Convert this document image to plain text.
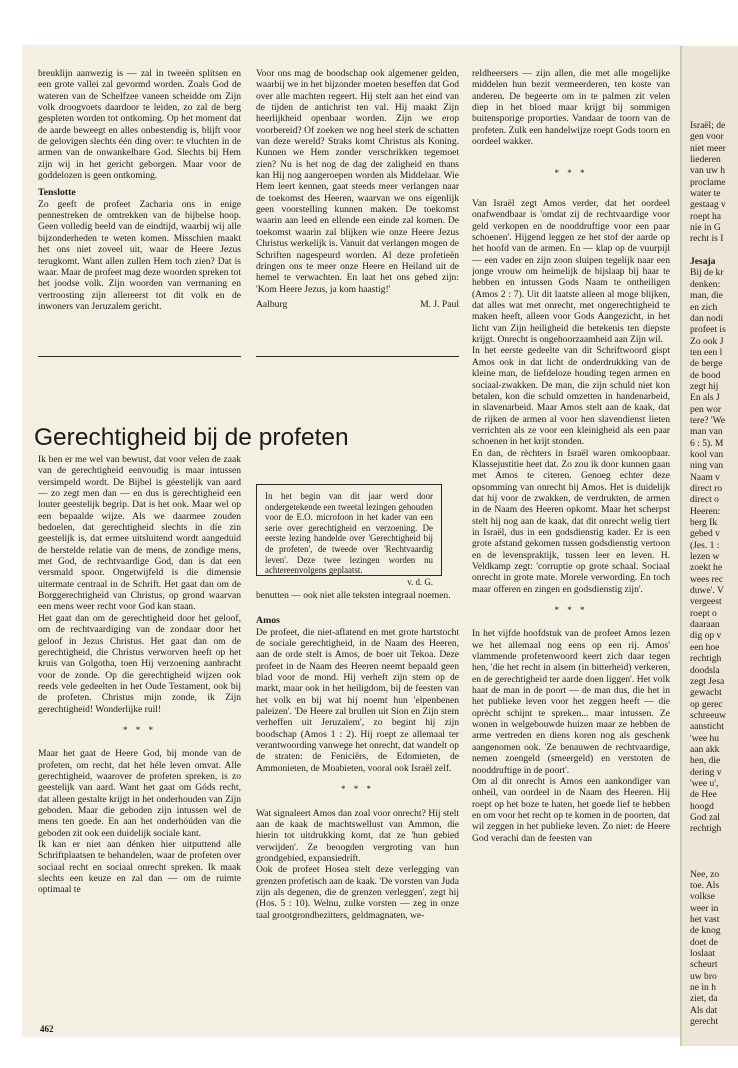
Israël; de
gen voor
niet meer
liederen
van uw h
proclame
water te
gestaag v
roept ha
nie in G
recht is I
Jesaja
Bij de kr
denken:
man, die
en zich
dan nodi
profeet is
Zo ook J
ten een l
de berge
de bood
zegt hij
En als J
pen wor
tere? 'We
man van
6 : 5). M
kool van
ning van
Naam v
direct ro
direct o
Heeren:
berg Ik
gebed v
(Jes. 1 :
lezen w
zoekt he
wees rec
duwe'. V
vergeest
roept o
daaraan
dig op v
een hoe
rechtigh
doodsla
zegt Jesa
gewacht
op gerec
schreeuw
aansticht
'wee hu
aan akk
hen, die
dering v
'wee u',
de Hee
hoogd
God zal
rechtigh
Nee, zo
toe. Als
volkse
weer in
het vast
de knog
doet de
loslaat
scheurt
uw bro
ne in h
ziet, da
Als dat
gerecht

breuklijn aanwezig is — zal in tweeën splitsen en een grote vallei zal gevormd worden. Zoals God de wateren van de Schelfzee vaneen scheidde om Zijn volk droogvoets daardoor te leiden, zo zal de berg gespleten worden tot ontkoming. Op het moment dat de aarde beweegt en alles onbestendig is, blijft voor de gelovigen slechts één ding over: te vluchten in de armen van de onwankelbare God. Slechts bij Hem zijn wij in het gericht geborgen. Maar voor de goddelozen is geen ontkoming.

Tenslotte

Zo geeft de profeet Zacharia ons in enige pennestreken de omtrekken van de bijbelse hoop. Geen volledig beeld van de eindtijd, waarbij wij alle bijzonderheden te weten komen. Misschien maakt het ons niet zoveel uit, waar de Heere Jezus terugkomt. Want allen zullen Hem toch zien? Dat is waar. Maar de profeet mag deze woorden spreken tot het joodse volk. Zijn woorden van vermaning en vertroosting zijn allereerst tot dit volk en de inwoners van Jeruzalem gericht.

Voor ons mag de boodschap ook algemener gelden, waarbij we in het bijzonder moeten beseffen dat God over alle machten regeert. Hij stelt aan het eind van de tijden de antichrist ten val. Hij maakt Zijn heerlijkheid openbaar worden. Zijn we erop voorbereid? Of zoeken we nog heel sterk de schatten van deze wereld? Straks komt Christus als Koning. Kunnen we Hem zonder verschrikken tegemoet zien? Nu is het nog de dag der zaligheid en thans kan Hij nog aangeroepen worden als Middelaar. Wie Hem leert kennen, gaat steeds meer verlangen naar de toekomst des Heeren, waarvan we ons eigenlijk geen voorstelling kunnen maken. De toekomst waarin aan leed en ellende een einde zal komen. De toekomst waarin zal blijken wie onze Heere Jezus Christus werkelijk is. Vanuit dat verlangen mogen de Schriften nagespeurd worden. Al deze profetieën dringen ons te meer onze Heere en Heiland uit de hemel te verwachten. En laat het ons gebed zijn: 'Kom Heere Jezus, ja kom haastig!'

Aalburg	M. J. Paul

reldheersers — zijn allen, die met alle mogelijke middelen hun bezit vermeerderen, ten koste van anderen. De begeerte om in te palmen zit velen diep in het bloed maar krijgt bij sommigen buitensporige proporties. Vandaar de toorn van de profeten. Zulk een handelwijze roept Gods toorn en oordeel wakker.

* * *
Gerechtigheid bij de profeten
In het begin van dit jaar werd door ondergetekende een tweetal lezingen gehouden voor de E.O. microfoon in het kader van een serie over gerechtigheid en verzoening. De eerste lezing handelde over 'Gerechtigheid bij de profeten', de tweede over 'Rechtvaardig leven'. Deze twee lezingen worden nu achtereenvolgens geplaatst.
v. d. G.

Ik ben er me wel van bewust, dat voor velen de zaak van de gerechtigheid eenvoudig is maar intussen versimpeld wordt. De Bijbel is géestelijk van aard — zo zegt men dan — en dus is gerechtigheid een louter geestelijk begrip. Dat is het ook. Maar wel op een bepaalde wijze. Als we daarmee zouden bedoelen, dat gerechtigheid slechts in díe zin geestelijk is, dat ermee uitsluitend wordt aangeduid de herstelde relatie van de mens, de zondige mens, met God, de rechtvaardige God, dan is dat een versmald spoor. Ongetwijfeld is die dimensie uitermate centraal in de Schrift. Het gaat dan om de Borggerechtigheid van Christus, op grond waarvan een mens weer recht voor God kan staan.

Het gaat dan om de gerechtigheid door het geloof, om de rechtvaardiging van de zondaar door het geloof in Jezus Christus. Het gaat dan om de gerechtigheid, die Christus verworven heeft op het kruis van Golgotha, toen Hij verzoening aanbracht voor de zonde. Op die gerechtigheid wijzen ook reeds vele gedeelten in het Oude Testament, ook bij de profeten. Christus mijn zonde, ik Zijn gerechtigheid! Wonderlijke ruil!

* * *

Maar het gaat de Heere God, bij monde van de profeten, om recht, dat het héle leven omvat. Alle gerechtigheid, waarover de profeten spreken, is zo geestelijk van aard. Want het gaat om Góds recht, dat alleen gestalte krijgt in het onderhouden van Zijn geboden. Maar die geboden zijn intussen wel de mens ten goede. En aan het onderhóúden van die geboden zit ook een duidelijk sociale kant.

Ik kan er niet aan dénken hier uitputtend alle Schriftplaatsen te behandelen, waar de profeten over sociaal recht en sociaal onrecht spreken. Ik maak slechts een keuze en zal dan — om de ruimte optimaal te

benutten — ook niet alle teksten integraal noemen.

Amos

De profeet, die niet-aflatend en met grote hartstocht de sociale gerechtigheid, in de Naam des Heeren, aan de orde stelt is Amos, de boer uit Tekoa. Deze profeet in de Naam des Heeren neemt bepaald geen blad voor de mond. Hij verheft zijn stem op de markt, maar ook in het heiligdom, bij de feesten van het volk en bij wat hij noemt hun 'elpenbenen paleizen'. 'De Heere zal brullen uit Sion en Zijn stem verheffen uit Jeruzalem', zo begint hij zijn boodschap (Amos 1 : 2). Hij roept ze allemaal ter verantwoording vanwege het onrecht, dat wandelt op de straten: de Feniciërs, de Edomieten, de Ammonieten, de Moabieten, vooral ook Israël zelf.

* * *

Wat signaleert Amos dan zoal voor onrecht? Hij stelt aan de kaak de machtswellust van Ammon, die hierin tot uitdrukking komt, dat ze 'hun gebied verwijden'. Ze beoogden vergroting van hun grondgebied, expansiedrift.

Ook de profeet Hosea stelt deze verlegging van grenzen profetisch aan de kaak. 'De vorsten van Juda zijn als degenen, die de grenzen verleggen', zegt hij (Hos. 5 : 10). Welnu, zulke vorsten — zeg in onze taal grootgrondbezitters, geldmagnaten, we-

Van Israël zegt Amos verder, dat het oordeel onafwendbaar is 'omdat zij de rechtvaardige voor geld verkopen en de nooddruftige voor een paar schoenen'. Hijgend leggen ze het stof der aarde op het hoofd van de armen. En — klap op de vuurpijl — een vader en zijn zoon sluipen tegelijk naar een jonge vrouw om heimelijk de bijslaap bij haar te hebben en intussen Gods Naam te ontheiligen (Amos 2 : 7). Uit dit laatste alleen al moge blijken, dat alles wat met onrecht, met ongerechtigheid te maken heeft, alleen voor Gods Aangezicht, in het licht van Zijn heiligheid die betekenis ten diepste krijgt. Onrecht is ongehoorzaamheid aan Zijn wil.

In het eerste gedeelte van dit Schriftwoord gispt Amos ook in dat licht de onderdrukking van de kleine man, de liefdeloze houding tegen armen en sociaal-zwakken. De man, die zijn schuld niet kon betalen, kon die schuld omzetten in handenarbeid, in slavenarbeid. Maar Amos stelt aan de kaak, dat de rijken de armen al voor hen slavendienst lieten verrichten als ze voor een kleinigheid als een paar schoenen in het krijt stonden.

En dan, de rèchters in Israël waren omkoopbaar. Klassejustitie heet dat. Zo zou ik door kunnen gaan met Amos te citeren. Genoeg echter deze opsomming van onrecht bij Amos. Het is duidelijk dat hij voor de zwakken, de verdrukten, de armen in de Naam des Heeren opkomt. Maar het scherpst stelt hij nog aan de kaak, dat dit onrecht welig tiert in Israël, dus in een godsdienstig kader. Er is een grote afstand gekomen tussen godsdienstig vertoon en de levenspraktijk, tussen leer en leven. H. Veldkamp zegt: 'corruptie op grote schaal. Sociaal onrecht in grote mate. Morele verwording. En toch maar offeren en zingen en godsdienstig zijn'.

* * *

In het vijfde hoofdstuk van de profeet Amos lezen we het allemaal nog eens op een rij. Amos' vlammende profetenwoord keert zich daar tegen hen, 'die het recht in alsem (in bitterheid) verkeren, en de gerechtigheid ter aarde doen liggen'. Het volk haat de man in de poort — de man dus, die het in het publieke leven voor het zeggen heeft — die oprècht schijnt te spreken... maar intussen. Ze wonen in welgebouwde huizen maar ze hebben de arme vertreden en diens koren nog als geschenk aangenomen ook. 'Ze benauwen de rechtvaardige, nemen zoengeld (smeergeld) en verstoten de nooddruftige in de poort'.

Om al dit onrecht is Amos een aankondiger van onheil, van oordeel in de Naam des Heeren. Hij roept op het boze te haten, het goede lief te hebben en om voor het recht op te komen in de poorten, dat wil zeggen in het publieke leven. Zo niet: de Heere God verachi dan de feesten van

462
